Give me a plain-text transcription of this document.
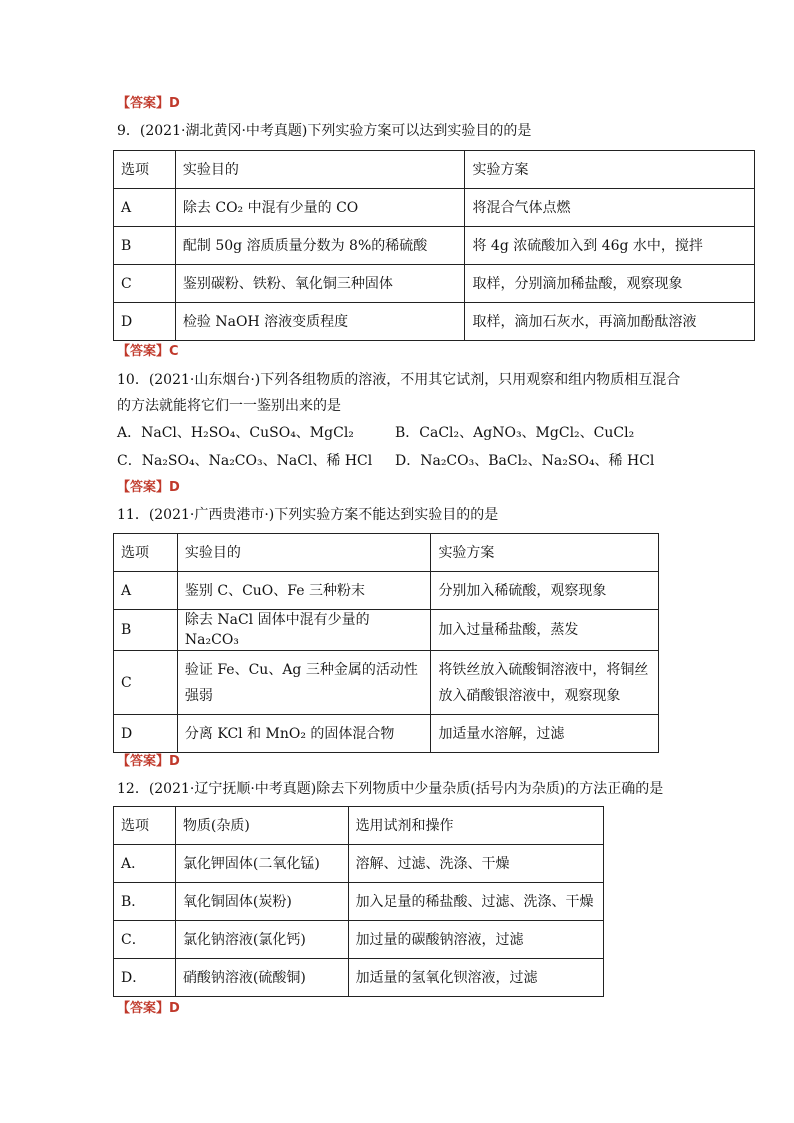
【答案】D
9．(2021·湖北黄冈·中考真题)下列实验方案可以达到实验目的的是
选项	实验目的	实验方案
A	除去 CO₂ 中混有少量的 CO	将混合气体点燃
B	配制 50g 溶质质量分数为 8%的稀硫酸	将 4g 浓硫酸加入到 46g 水中，搅拌
C	鉴别碳粉、铁粉、氧化铜三种固体	取样，分别滴加稀盐酸，观察现象
D	检验 NaOH 溶液变质程度	取样，滴加石灰水，再滴加酚酞溶液
【答案】C
10．(2021·山东烟台·)下列各组物质的溶液，不用其它试剂，只用观察和组内物质相互混合
的方法就能将它们一一鉴别出来的是
A．NaCl、H₂SO₄、CuSO₄、MgCl₂	B．CaCl₂、AgNO₃、MgCl₂、CuCl₂
C．Na₂SO₄、Na₂CO₃、NaCl、稀 HCl D．Na₂CO₃、BaCl₂、Na₂SO₄、稀 HCl
【答案】D
11．(2021·广西贵港市·)下列实验方案不能达到实验目的的是
选项	实验目的	实验方案
A	鉴别 C、CuO、Fe 三种粉末	分别加入稀硫酸，观察现象
B	除去 NaCl 固体中混有少量的 Na₂CO₃	加入过量稀盐酸，蒸发
C	验证 Fe、Cu、Ag 三种金属的活动性强弱	将铁丝放入硫酸铜溶液中，将铜丝放入硝酸银溶液中，观察现象
D	分离 KCl 和 MnO₂ 的固体混合物	加适量水溶解，过滤
【答案】D
12．(2021·辽宁抚顺·中考真题)除去下列物质中少量杂质(括号内为杂质)的方法正确的是
选项	物质(杂质)	选用试剂和操作
A．	氯化钾固体(二氧化锰)	溶解、过滤、洗涤、干燥
B．	氧化铜固体(炭粉)	加入足量的稀盐酸、过滤、洗涤、干燥
C．	氯化钠溶液(氯化钙)	加过量的碳酸钠溶液，过滤
D．	硝酸钠溶液(硫酸铜)	加适量的氢氧化钡溶液，过滤
【答案】D
